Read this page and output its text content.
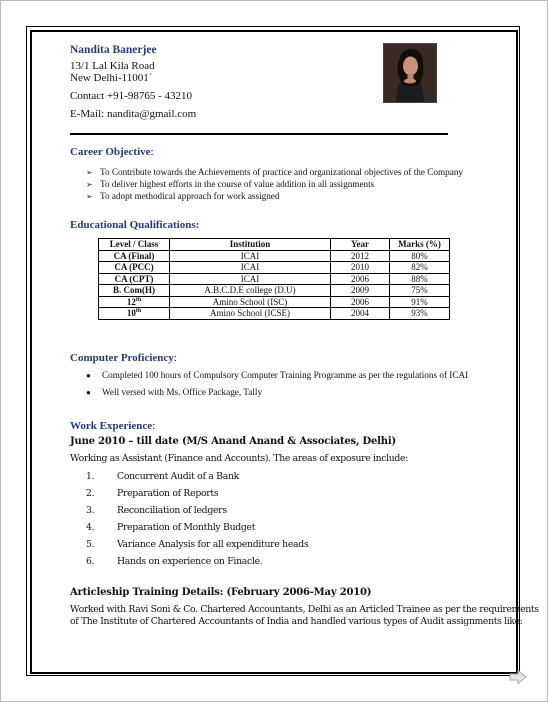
Nandita Banerjee
13/1 Lal Kila Road
New Delhi-11001`
Contact +91-98765 - 43210
E-Mail: nandita@gmail.com
Career Objective:
➢ To Contribute towards the Achievements of practice and organizational objectives of the Company
➢ To deliver highest efforts in the course of value addition in all assignments
➢ To adopt methodical approach for work assigned
Educational Qualifications:
Level / Class	Institution	Year	Marks (%)
CA (Final)	ICAI	2012	80%
CA (PCC)	ICAI	2010	82%
CA (CPT)	ICAI	2006	88%
B. Com(H)	A.B.C.D.E college (D.U)	2009	75%
12th	Amino School (ISC)	2006	91%
10th	Amino School (ICSE)	2004	93%
Computer Proficiency:
● Completed 100 hours of Compulsory Computer Training Programme as per the regulations of ICAI
● Well versed with Ms. Office Package, Tally
Work Experience:
June 2010 – till date (M/S Anand Anand & Associates, Delhi)
Working as Assistant (Finance and Accounts). The areas of exposure include:
1. Concurrent Audit of a Bank
2. Preparation of Reports
3. Reconciliation of ledgers
4. Preparation of Monthly Budget
5. Variance Analysis for all expenditure heads
6. Hands on experience on Finacle.
Articleship Training Details: (February 2006-May 2010)
Worked with Ravi Soni & Co. Chartered Accountants, Delhi as an Articled Trainee as per the requirements
of The Institute of Chartered Accountants of India and handled various types of Audit assignments like:
